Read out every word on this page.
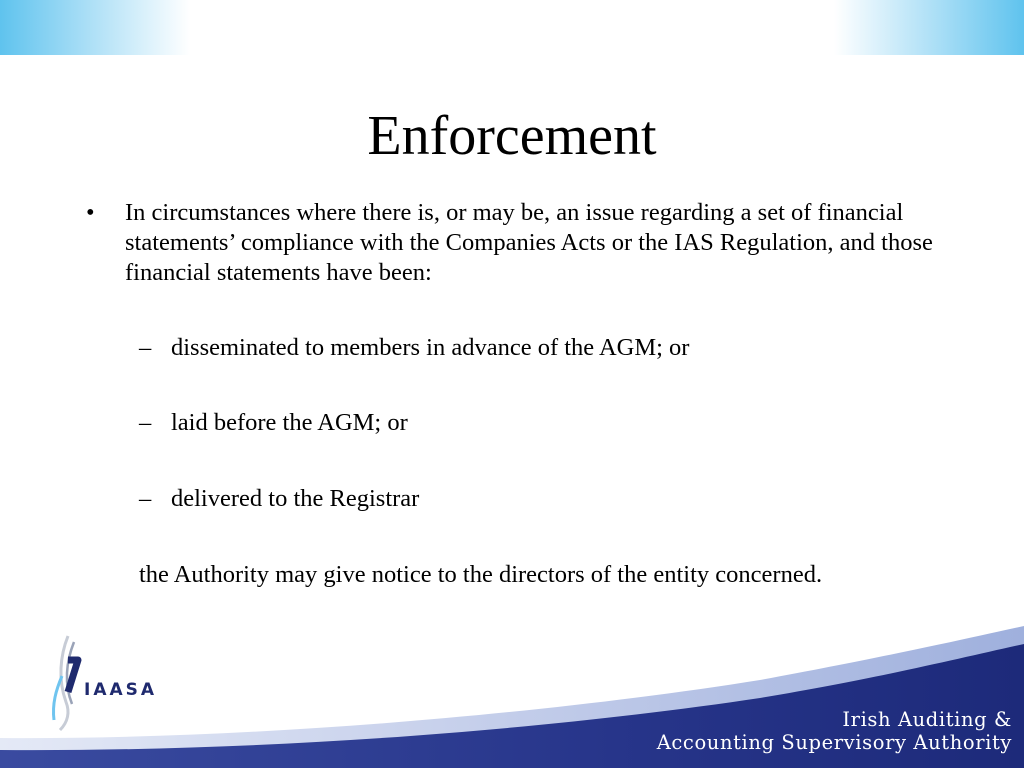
Enforcement
• In circumstances where there is, or may be, an issue regarding a set of financial statements’ compliance with the Companies Acts or the IAS Regulation, and those financial statements have been:
– disseminated to members in advance of the AGM; or
– laid before the AGM; or
– delivered to the Registrar
the Authority may give notice to the directors of the entity concerned.
IAASA
Irish Auditing &
Accounting Supervisory Authority
